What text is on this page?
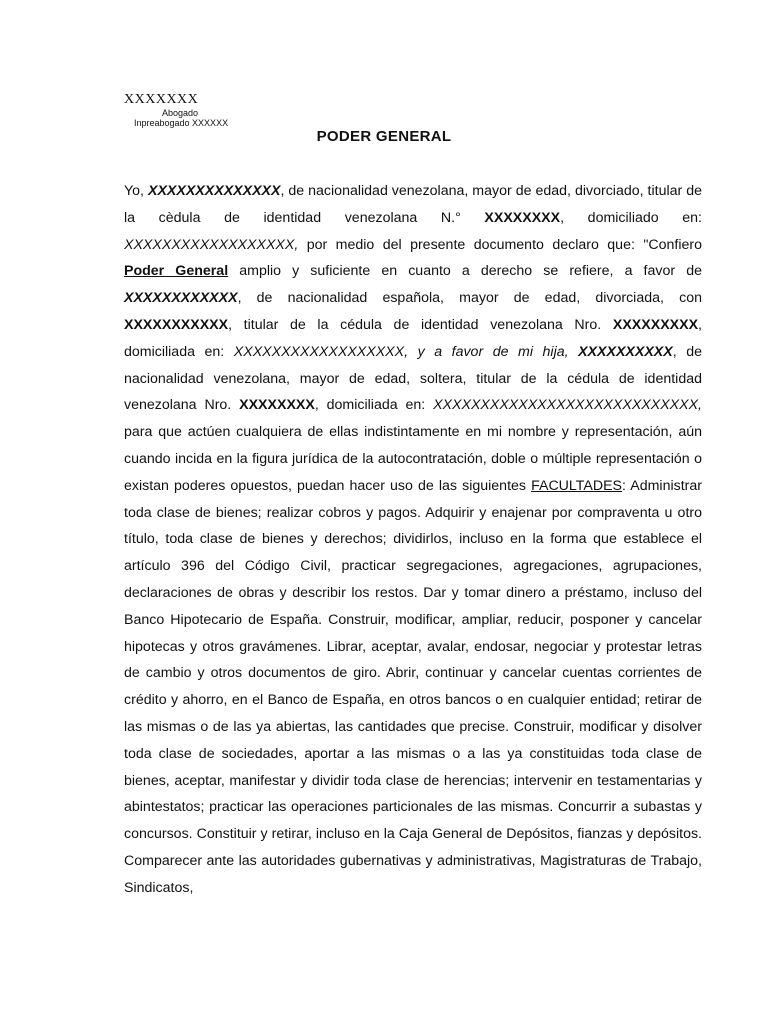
XXXXXXX
Abogado
Inpreabogado XXXXXX
PODER GENERAL

Yo, XXXXXXXXXXXXXX, de nacionalidad venezolana, mayor de edad, divorciado, titular de la cèdula de identidad venezolana N.° XXXXXXXX, domiciliado en: XXXXXXXXXXXXXXXXXX, por medio del presente documento declaro que: "Confiero Poder General amplio y suficiente en cuanto a derecho se refiere, a favor de XXXXXXXXXXXX, de nacionalidad española, mayor de edad, divorciada, con XXXXXXXXXXX, titular de la cédula de identidad venezolana Nro. XXXXXXXXX, domiciliada en: XXXXXXXXXXXXXXXXXX, y a favor de mi hija, XXXXXXXXXX, de nacionalidad venezolana, mayor de edad, soltera, titular de la cédula de identidad venezolana Nro. XXXXXXXX, domiciliada en: XXXXXXXXXXXXXXXXXXXXXXXXXXXX, para que actúen cualquiera de ellas indistintamente en mi nombre y representación, aún cuando incida en la figura jurídica de la autocontratación, doble o múltiple representación o existan poderes opuestos, puedan hacer uso de las siguientes FACULTADES: Administrar toda clase de bienes; realizar cobros y pagos. Adquirir y enajenar por compraventa u otro título, toda clase de bienes y derechos; dividirlos, incluso en la forma que establece el artículo 396 del Código Civil, practicar segregaciones, agregaciones, agrupaciones, declaraciones de obras y describir los restos. Dar y tomar dinero a préstamo, incluso del Banco Hipotecario de España. Construir, modificar, ampliar, reducir, posponer y cancelar hipotecas y otros gravámenes. Librar, aceptar, avalar, endosar, negociar y protestar letras de cambio y otros documentos de giro. Abrir, continuar y cancelar cuentas corrientes de crédito y ahorro, en el Banco de España, en otros bancos o en cualquier entidad; retirar de las mismas o de las ya abiertas, las cantidades que precise. Construir, modificar y disolver toda clase de sociedades, aportar a las mismas o a las ya constituidas toda clase de bienes, aceptar, manifestar y dividir toda clase de herencias; intervenir en testamentarias y abintestatos; practicar las operaciones particionales de las mismas. Concurrir a subastas y concursos. Constituir y retirar, incluso en la Caja General de Depósitos, fianzas y depósitos. Comparecer ante las autoridades gubernativas y administrativas, Magistraturas de Trabajo, Sindicatos,
